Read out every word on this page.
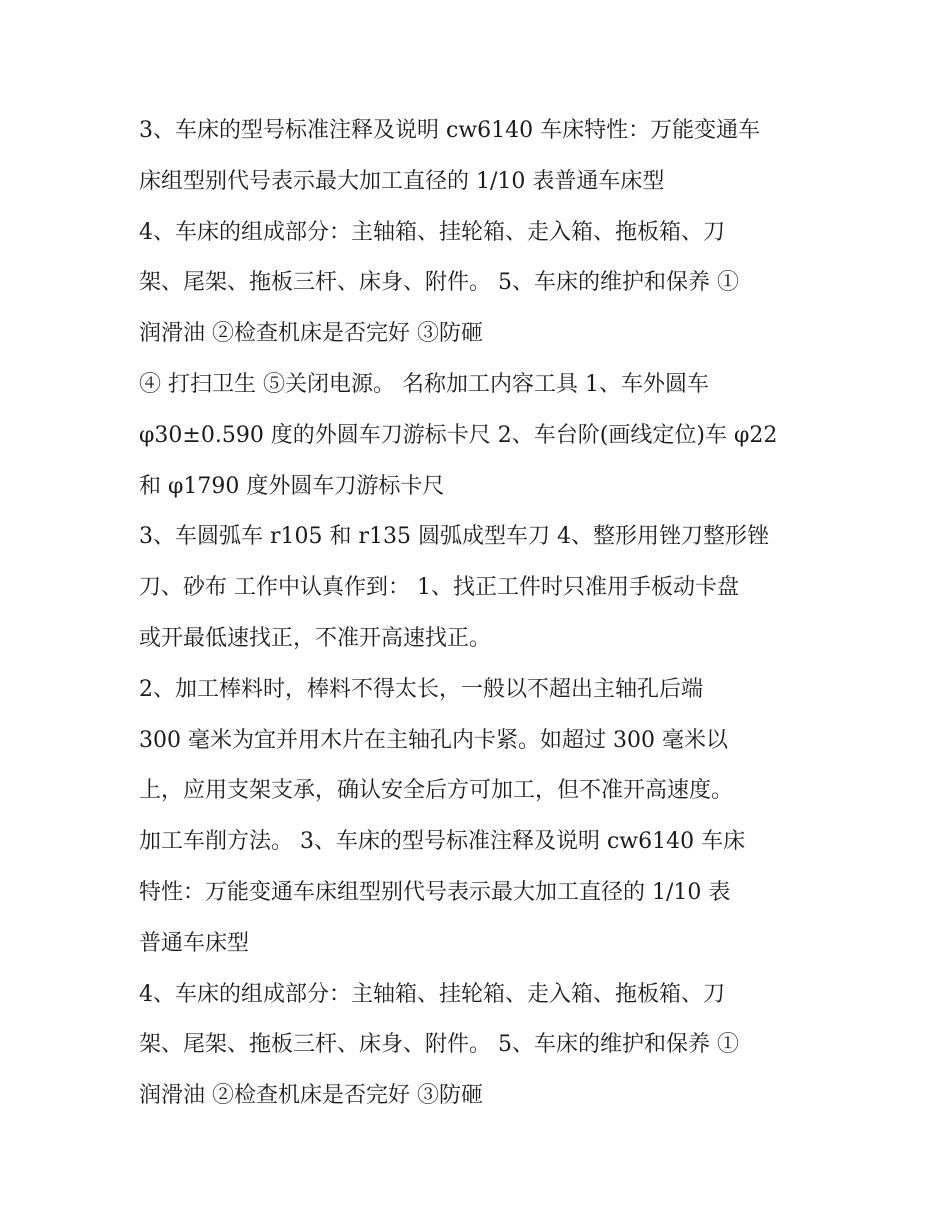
3、车床的型号标准注释及说明 cw6140 车床特性：万能变通车
床组型别代号表示最大加工直径的 1/10 表普通车床型
4、车床的组成部分：主轴箱、挂轮箱、走入箱、拖板箱、刀
架、尾架、拖板三杆、床身、附件。 5、车床的维护和保养 ①
润滑油 ②检查机床是否完好 ③防砸
④ 打扫卫生 ⑤关闭电源。 名称加工内容工具 1、车外圆车
φ30±0.590 度的外圆车刀游标卡尺 2、车台阶(画线定位)车 φ22
和 φ1790 度外圆车刀游标卡尺
3、车圆弧车 r105 和 r135 圆弧成型车刀 4、整形用锉刀整形锉
刀、砂布 工作中认真作到： 1、找正工件时只准用手板动卡盘
或开最低速找正，不准开高速找正。
2、加工棒料时，棒料不得太长，一般以不超出主轴孔后端
300 毫米为宜并用木片在主轴孔内卡紧。如超过 300 毫米以
上，应用支架支承，确认安全后方可加工，但不准开高速度。
加工车削方法。 3、车床的型号标准注释及说明 cw6140 车床
特性：万能变通车床组型别代号表示最大加工直径的 1/10 表
普通车床型
4、车床的组成部分：主轴箱、挂轮箱、走入箱、拖板箱、刀
架、尾架、拖板三杆、床身、附件。 5、车床的维护和保养 ①
润滑油 ②检查机床是否完好 ③防砸
